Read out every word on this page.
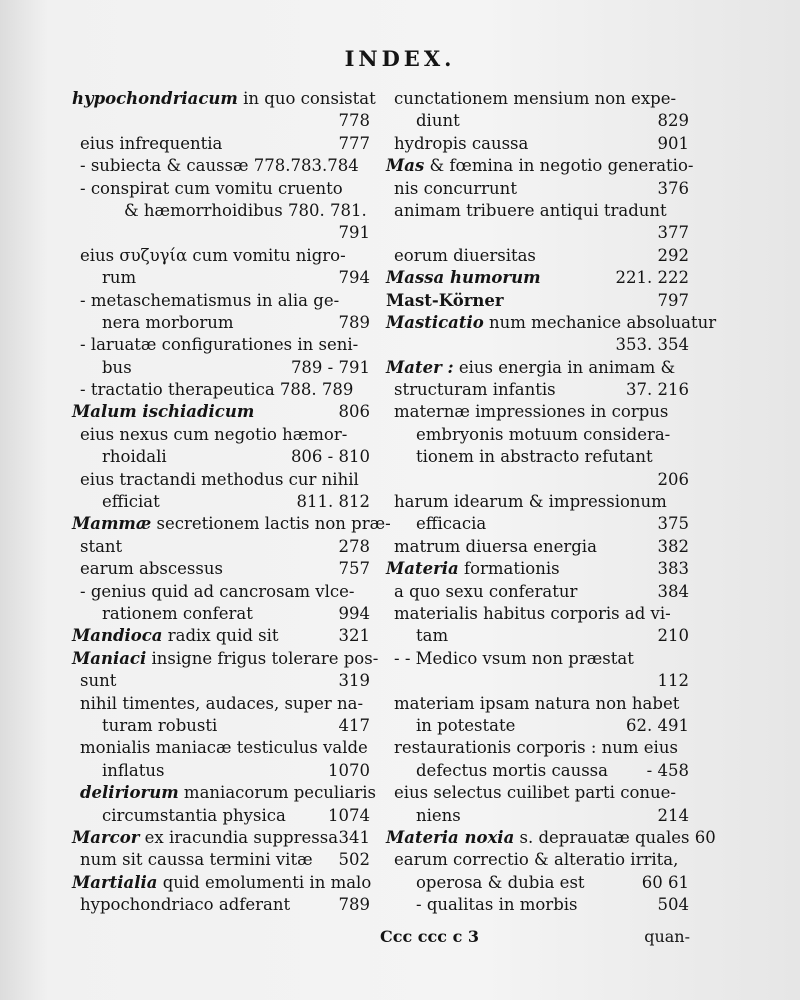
INDEX.
hypochondriacum in quo consistat
778
eius infrequentia	777
- subiecta & caussæ 778.783.784
- conspirat cum vomitu cruento
& hæmorrhoidibus 780. 781.
791
eius συζυγία cum vomitu nigro-
rum	794
- metaschematismus in alia ge-
nera morborum	789
- laruatæ configurationes in seni-
bus	789 - 791
- tractatio therapeutica 788. 789
Malum ischiadicum	806
eius nexus cum negotio hæmor-
rhoidali	806 - 810
eius tractandi methodus cur nihil
efficiat	811. 812
Mammæ secretionem lactis non præ-
stant	278
earum abscessus	757
- genius quid ad cancrosam vlce-
rationem conferat	994
Mandioca radix quid sit	321
Maniaci insigne frigus tolerare pos-
sunt	319
nihil timentes, audaces, super na-
turam robusti	417
monialis maniacæ testiculus valde
inflatus	1070
deliriorum maniacorum peculiaris
circumstantia physica	1074
Marcor ex iracundia suppressa 341
num sit caussa termini vitæ 502
Martialia quid emolumenti in malo
hypochondriaco adferant	789
cunctationem mensium non expe-
diunt	829
hydropis caussa	901
Mas & fœmina in negotio generatio-
nis concurrunt	376
animam tribuere antiqui tradunt
377
eorum diuersitas	292
Massa humorum	221. 222
Mast-Körner	797
Masticatio num mechanice absoluatur
353. 354
Mater : eius energia in animam &
structuram infantis	37. 216
maternæ impressiones in corpus
embryonis motuum considera-
tionem in abstracto refutant
206
harum idearum & impressionum
efficacia	375
matrum diuersa energia	382
Materia formationis	383
a quo sexu conferatur	384
materialis habitus corporis ad vi-
tam	210
- - Medico vsum non præstat
112
materiam ipsam natura non habet
in potestate	62. 491
restaurationis corporis : num eius
defectus mortis caussa - 458
eius selectus cuilibet parti conue-
niens	214
Materia noxia s. deprauatæ quales 60
earum correctio & alteratio irrita,
operosa & dubia est	60 61
- qualitas in morbis	504
Ccc ccc c 3	quan-
